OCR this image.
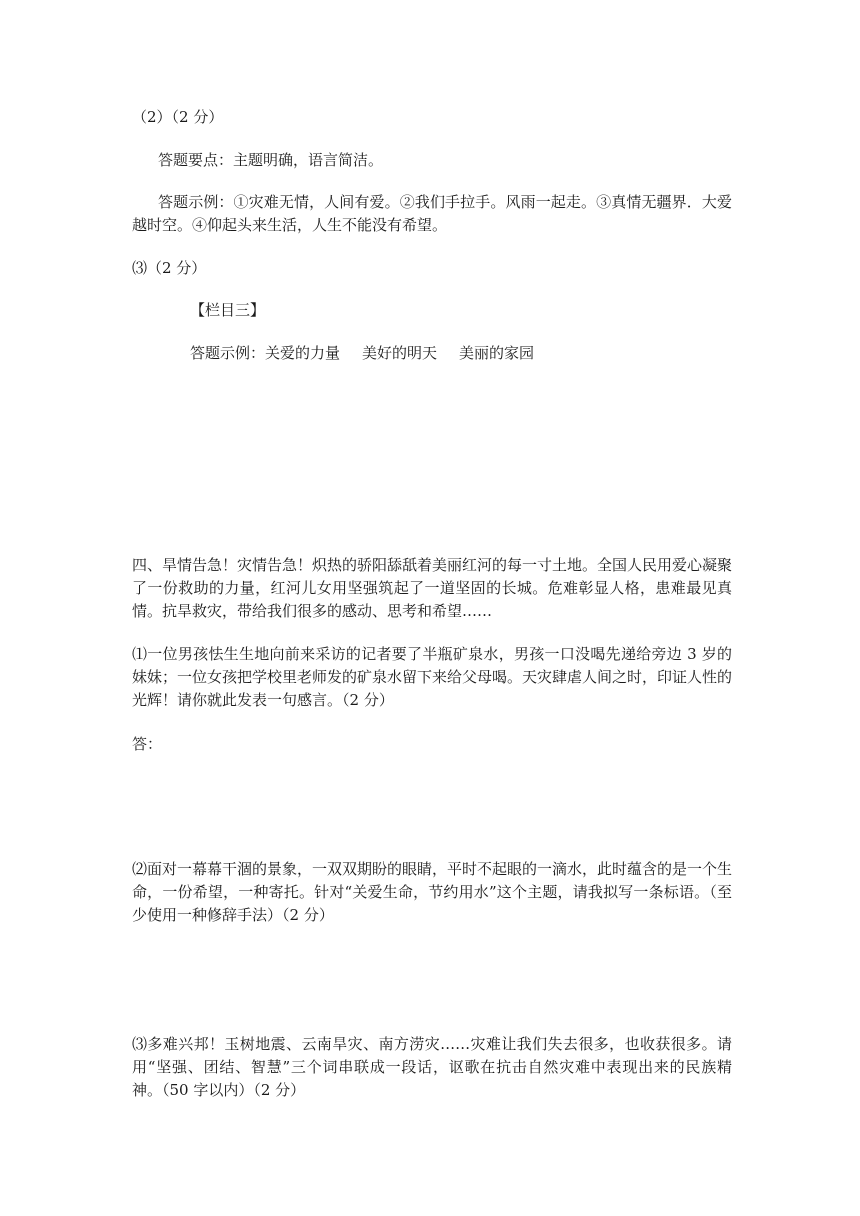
（2）（2 分）
答题要点：主题明确，语言简洁。
答题示例：①灾难无情，人间有爱。②我们手拉手。风雨一起走。③真情无疆界．大爱越时空。④仰起头来生活，人生不能没有希望。
⑶（2 分）
【栏目三】
答题示例：关爱的力量 美好的明天 美丽的家园
四、旱情告急！灾情告急！炽热的骄阳舔舐着美丽红河的每一寸土地。全国人民用爱心凝聚了一份救助的力量，红河儿女用坚强筑起了一道坚固的长城。危难彰显人格，患难最见真情。抗旱救灾，带给我们很多的感动、思考和希望……
⑴一位男孩怯生生地向前来采访的记者要了半瓶矿泉水，男孩一口没喝先递给旁边 3 岁的妹妹；一位女孩把学校里老师发的矿泉水留下来给父母喝。天灾肆虐人间之时，印证人性的光辉！请你就此发表一句感言。（2 分）
答：
⑵面对一幕幕干涸的景象，一双双期盼的眼睛，平时不起眼的一滴水，此时蕴含的是一个生命，一份希望，一种寄托。针对“关爱生命，节约用水”这个主题，请我拟写一条标语。（至少使用一种修辞手法）（2 分）
⑶多难兴邦！玉树地震、云南旱灾、南方涝灾……灾难让我们失去很多，也收获很多。请用“坚强、团结、智慧”三个词串联成一段话，讴歌在抗击自然灾难中表现出来的民族精神。（50 字以内）（2 分）
